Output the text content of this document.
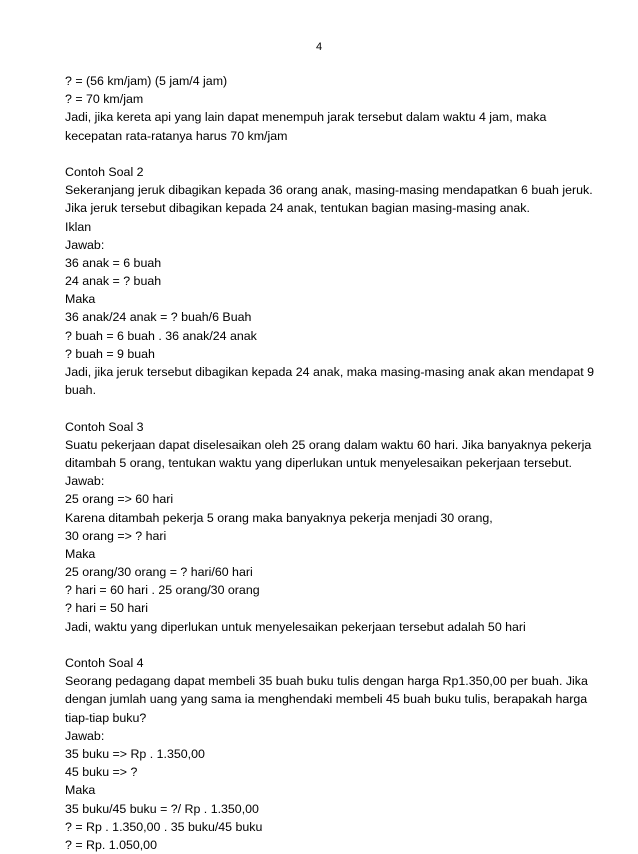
4
? = (56 km/jam) (5 jam/4 jam)
? = 70 km/jam
Jadi, jika kereta api yang lain dapat menempuh jarak tersebut dalam waktu 4 jam, maka
kecepatan rata-ratanya harus 70 km/jam
Contoh Soal 2
Sekeranjang jeruk dibagikan kepada 36 orang anak, masing-masing mendapatkan 6 buah jeruk.
Jika jeruk tersebut dibagikan kepada 24 anak, tentukan bagian masing-masing anak.
Iklan
Jawab:
36 anak = 6 buah
24 anak = ? buah
Maka
36 anak/24 anak = ? buah/6 Buah
? buah = 6 buah . 36 anak/24 anak
? buah = 9 buah
Jadi, jika jeruk tersebut dibagikan kepada 24 anak, maka masing-masing anak akan mendapat 9
buah.
Contoh Soal 3
Suatu pekerjaan dapat diselesaikan oleh 25 orang dalam waktu 60 hari. Jika banyaknya pekerja
ditambah 5 orang, tentukan waktu yang diperlukan untuk menyelesaikan pekerjaan tersebut.
Jawab:
25 orang => 60 hari
Karena ditambah pekerja 5 orang maka banyaknya pekerja menjadi 30 orang,
30 orang => ? hari
Maka
25 orang/30 orang = ? hari/60 hari
? hari = 60 hari . 25 orang/30 orang
? hari = 50 hari
Jadi, waktu yang diperlukan untuk menyelesaikan pekerjaan tersebut adalah 50 hari
Contoh Soal 4
Seorang pedagang dapat membeli 35 buah buku tulis dengan harga Rp1.350,00 per buah. Jika
dengan jumlah uang yang sama ia menghendaki membeli 45 buah buku tulis, berapakah harga
tiap-tiap buku?
Jawab:
35 buku => Rp . 1.350,00
45 buku => ?
Maka
35 buku/45 buku = ?/ Rp . 1.350,00
? = Rp . 1.350,00 . 35 buku/45 buku
? = Rp. 1.050,00
